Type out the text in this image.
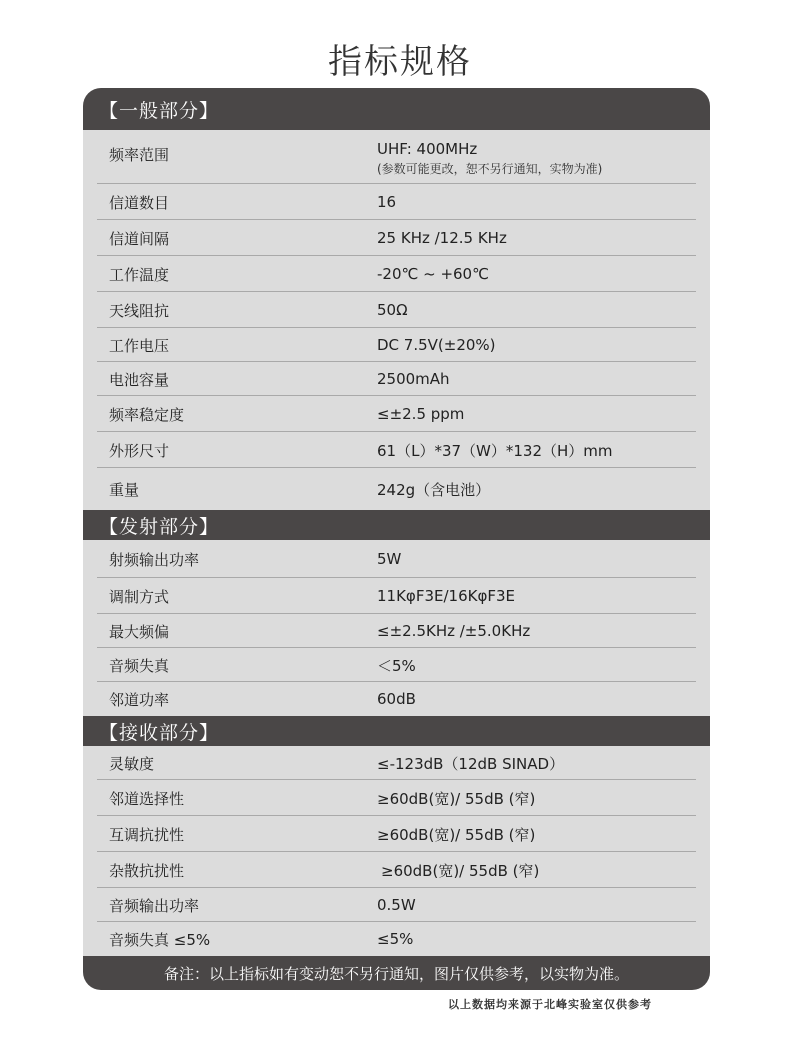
指标规格
【一般部分】
频率范围	UHF: 400MHz
(参数可能更改，恕不另行通知，实物为准)
信道数目	16
信道间隔	25 KHz /12.5 KHz
工作温度	-20℃ ~ +60℃
天线阻抗	50Ω
工作电压	DC 7.5V(±20%)
电池容量	2500mAh
频率稳定度	≤±2.5 ppm
外形尺寸	61（L）*37（W）*132（H）mm
重量	242g（含电池）
【发射部分】
射频输出功率	5W
调制方式	11KφF3E/16KφF3E
最大频偏	≤±2.5KHz /±5.0KHz
音频失真	＜5%
邻道功率	60dB
【接收部分】
灵敏度	≤-123dB（12dB SINAD）
邻道选择性	≥60dB(宽)/ 55dB (窄)
互调抗扰性	≥60dB(宽)/ 55dB (窄)
杂散抗扰性	≥60dB(宽)/ 55dB (窄)
音频输出功率	0.5W
音频失真 ≤5%	≤5%
备注：以上指标如有变动恕不另行通知，图片仅供参考，以实物为准。
以上数据均来源于北峰实验室仅供参考
